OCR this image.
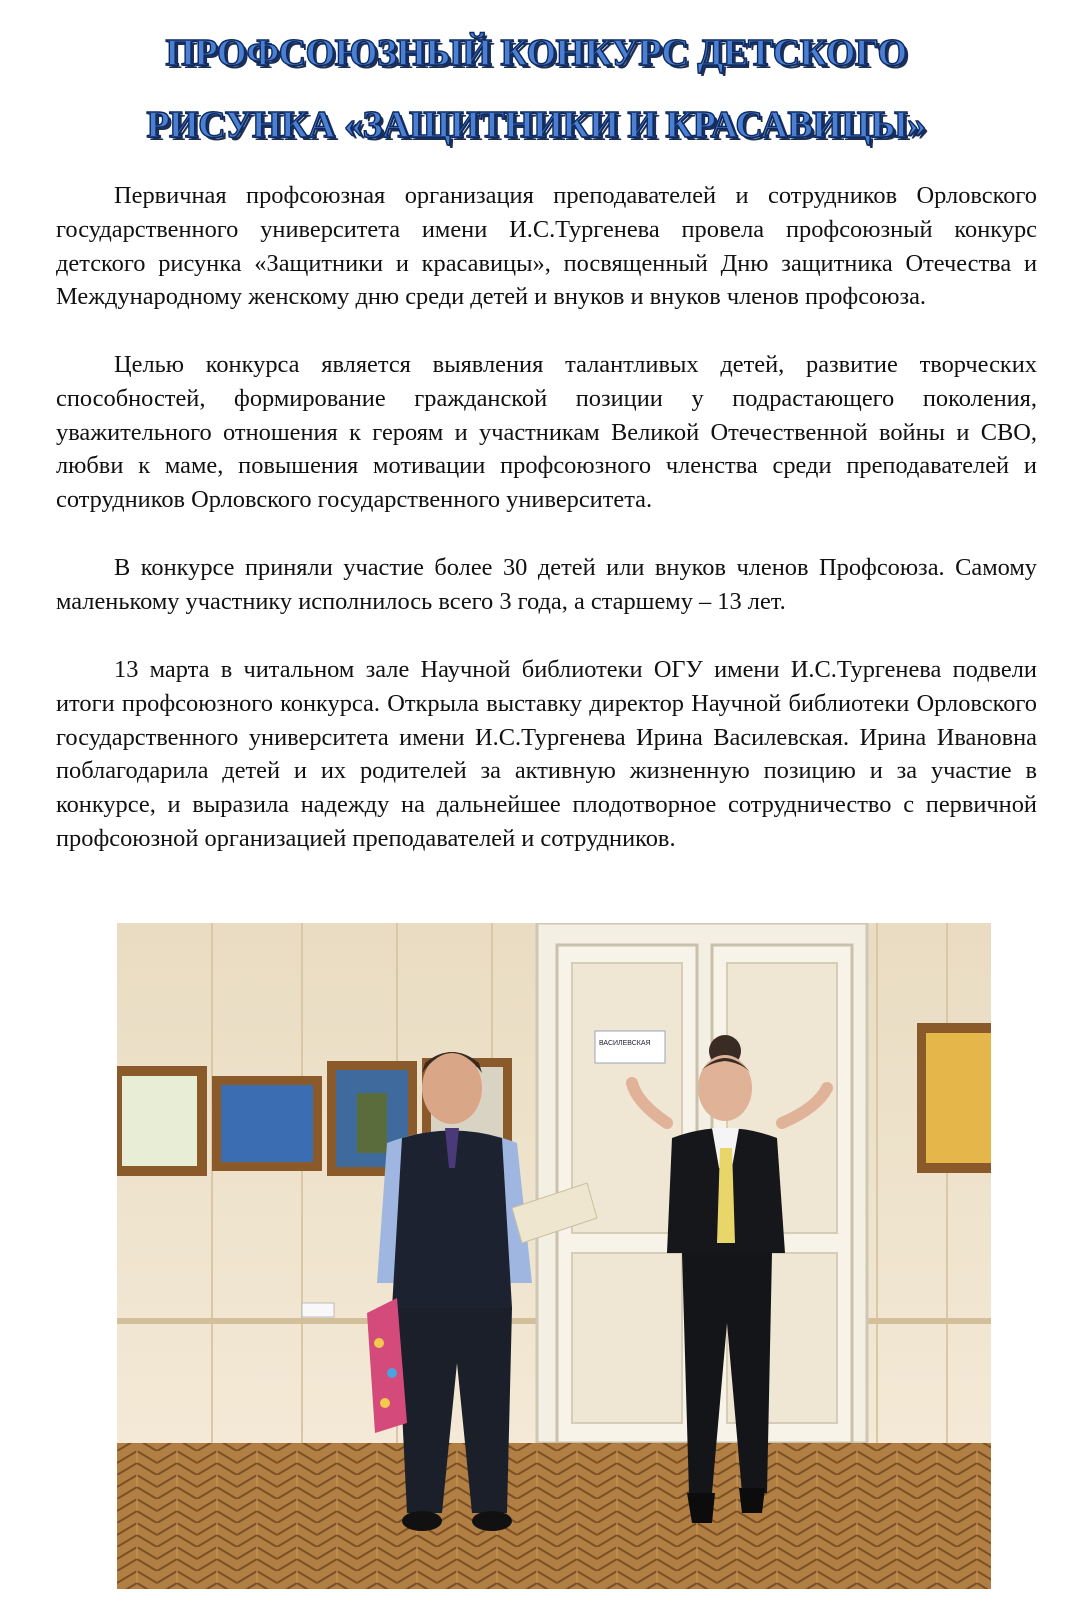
ПРОФСОЮЗНЫЙ КОНКУРС ДЕТСКОГО
РИСУНКА «ЗАЩИТНИКИ И КРАСАВИЦЫ»

Первичная профсоюзная организация преподавателей и сотрудников Орловского государственного университета имени И.С.Тургенева провела профсоюзный конкурс детского рисунка «Защитники и красавицы», посвященный Дню защитника Отечества и Международному женскому дню среди детей и внуков и внуков членов профсоюза.

Целью конкурса является выявления талантливых детей, развитие творческих способностей, формирование гражданской позиции у подрастающего поколения, уважительного отношения к героям и участникам Великой Отечественной войны и СВО, любви к маме, повышения мотивации профсоюзного членства среди преподавателей и сотрудников Орловского государственного университета.

В конкурсе приняли участие более 30 детей или внуков членов Профсоюза. Самому маленькому участнику исполнилось всего 3 года, а старшему – 13 лет.

13 марта в читальном зале Научной библиотеки ОГУ имени И.С.Тургенева подвели итоги профсоюзного конкурса. Открыла выставку директор Научной библиотеки Орловского государственного университета имени И.С.Тургенева Ирина Василевская. Ирина Ивановна поблагодарила детей и их родителей за активную жизненную позицию и за участие в конкурсе, и выразила надежду на дальнейшее плодотворное сотрудничество с первичной профсоюзной организацией преподавателей и сотрудников.

ВАСИЛЕВСКАЯ
